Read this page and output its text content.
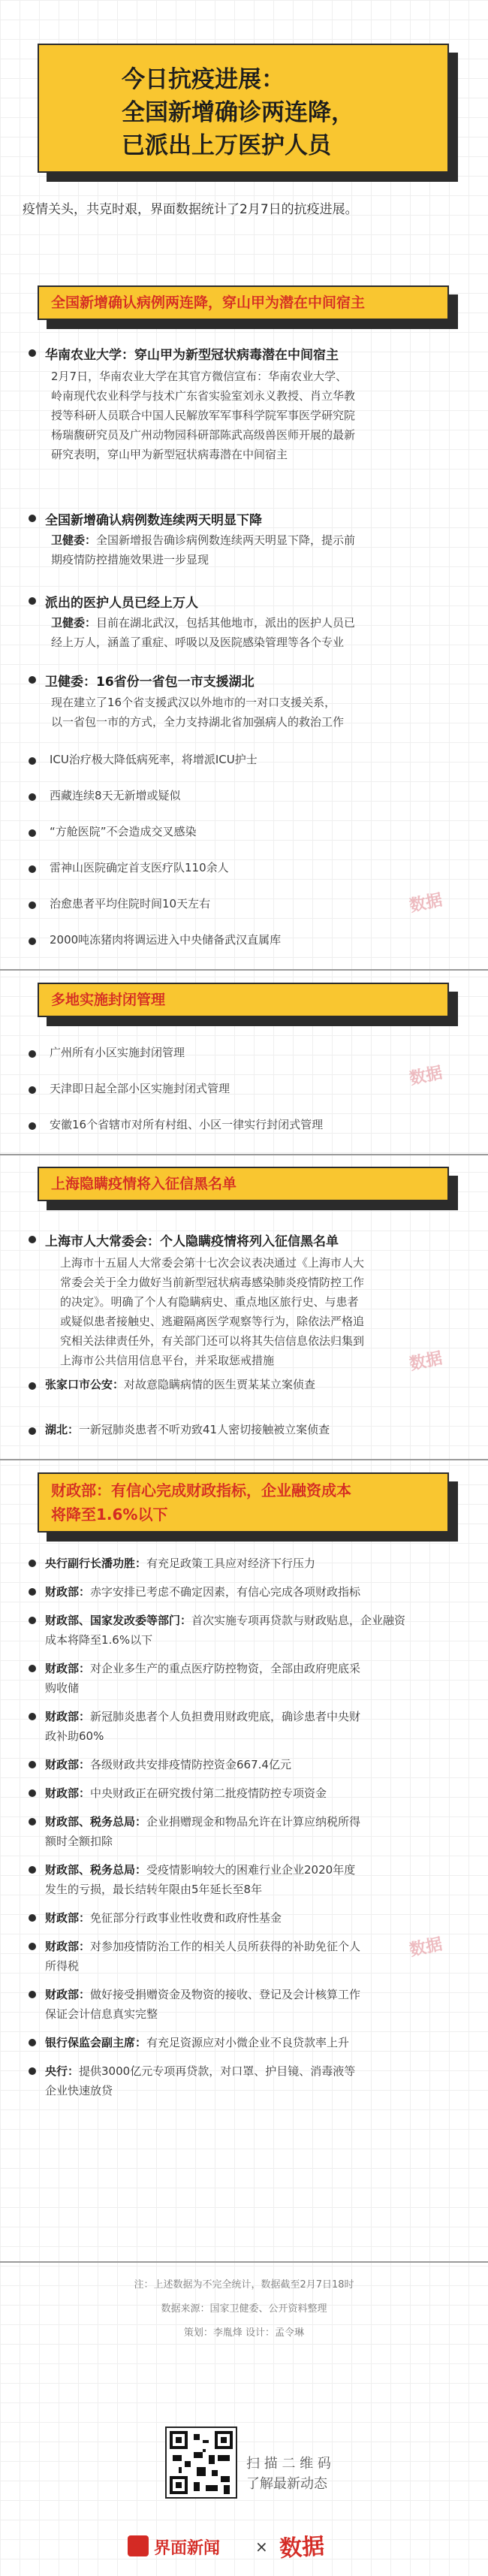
今日抗疫进展：
全国新增确诊两连降，
已派出上万医护人员
疫情关头，共克时艰，界面数据统计了2月7日的抗疫进展。
全国新增确认病例两连降，穿山甲为潜在中间宿主
华南农业大学：穿山甲为新型冠状病毒潜在中间宿主
2月7日，华南农业大学在其官方微信宣布：华南农业大学、
岭南现代农业科学与技术广东省实验室刘永义教授、肖立华教
授等科研人员联合中国人民解放军军事科学院军事医学研究院
杨瑞馥研究员及广州动物园科研部陈武高级兽医师开展的最新
研究表明，穿山甲为新型冠状病毒潜在中间宿主
全国新增确认病例数连续两天明显下降
卫健委：全国新增报告确诊病例数连续两天明显下降，提示前
期疫情防控措施效果进一步显现
派出的医护人员已经上万人
卫健委：目前在湖北武汉，包括其他地市，派出的医护人员已
经上万人，涵盖了重症、呼吸以及医院感染管理等各个专业
卫健委：16省份一省包一市支援湖北
现在建立了16个省支援武汉以外地市的一对口支援关系，
以一省包一市的方式，全力支持湖北省加强病人的救治工作
ICU治疗极大降低病死率，将增派ICU护士
西藏连续8天无新增或疑似
“方舱医院”不会造成交叉感染
雷神山医院确定首支医疗队110余人
治愈患者平均住院时间10天左右
2000吨冻猪肉将调运进入中央储备武汉直属库
数据
多地实施封闭管理
广州所有小区实施封闭管理
天津即日起全部小区实施封闭式管理
安徽16个省辖市对所有村组、小区一律实行封闭式管理
数据
上海隐瞒疫情将入征信黑名单
上海市人大常委会：个人隐瞒疫情将列入征信黑名单
上海市十五届人大常委会第十七次会议表决通过《上海市人大
常委会关于全力做好当前新型冠状病毒感染肺炎疫情防控工作
的决定》。明确了个人有隐瞒病史、重点地区旅行史、与患者
或疑似患者接触史、逃避隔离医学观察等行为，除依法严格追
究相关法律责任外，有关部门还可以将其失信信息依法归集到
上海市公共信用信息平台，并采取惩戒措施
张家口市公安：对故意隐瞒病情的医生贾某某立案侦查
湖北：一新冠肺炎患者不听劝致41人密切接触被立案侦查
数据
财政部：有信心完成财政指标，企业融资成本
将降至1.6%以下
央行副行长潘功胜：有充足政策工具应对经济下行压力
财政部：赤字安排已考虑不确定因素，有信心完成各项财政指标
财政部、国家发改委等部门：首次实施专项再贷款与财政贴息，企业融资
成本将降至1.6%以下
财政部：对企业多生产的重点医疗防控物资，全部由政府兜底采
购收储
财政部：新冠肺炎患者个人负担费用财政兜底，确诊患者中央财
政补助60%
财政部：各级财政共安排疫情防控资金667.4亿元
财政部：中央财政正在研究拨付第二批疫情防控专项资金
财政部、税务总局：企业捐赠现金和物品允许在计算应纳税所得
额时全额扣除
财政部、税务总局：受疫情影响较大的困难行业企业2020年度
发生的亏损，最长结转年限由5年延长至8年
财政部：免征部分行政事业性收费和政府性基金
财政部：对参加疫情防治工作的相关人员所获得的补助免征个人
所得税
财政部：做好接受捐赠资金及物资的接收、登记及会计核算工作
保证会计信息真实完整
银行保监会副主席：有充足资源应对小微企业不良贷款率上升
央行：提供3000亿元专项再贷款，对口罩、护目镜、消毒液等
企业快速放贷
数据
注：上述数据为不完全统计，数据截至2月7日18时
数据来源：国家卫健委、公开资料整理
策划：李胤烽 设计：孟令琳
扫 描 二 维 码
了解最新动态
界面新闻 × 数据
